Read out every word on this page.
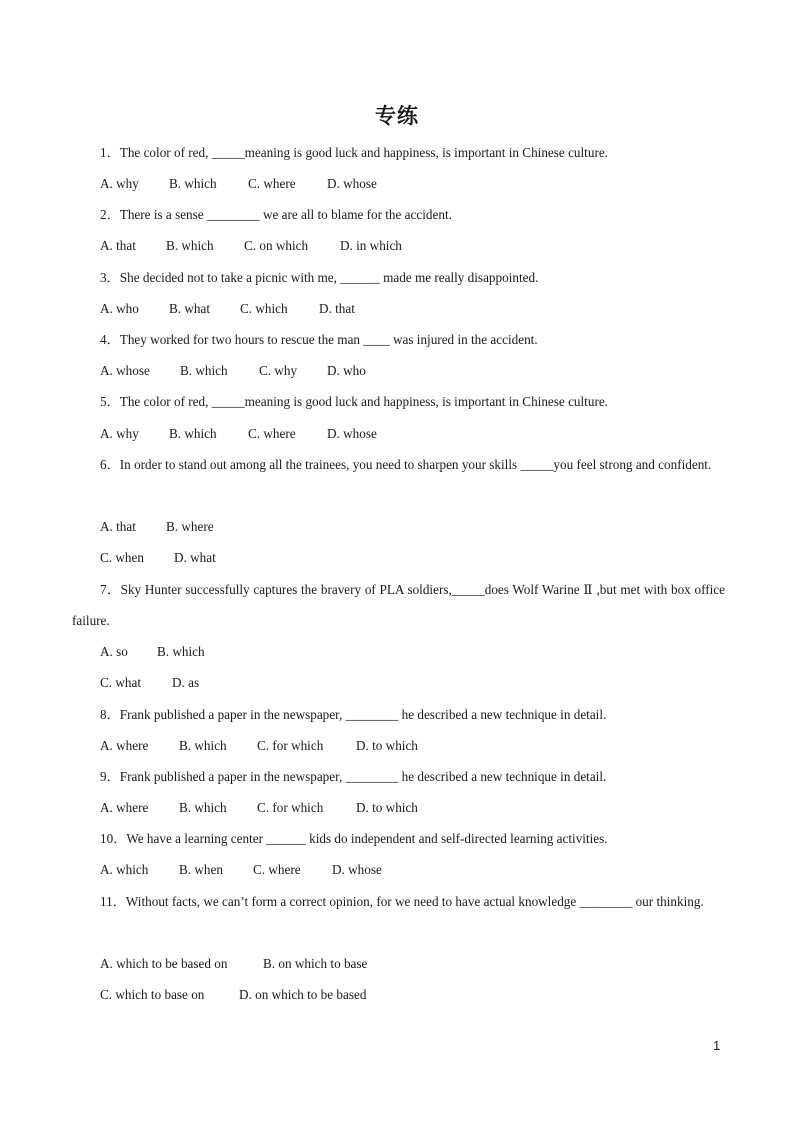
专练
1．The color of red, _____meaning is good luck and happiness, is important in Chinese culture.
A. why B. which C. where D. whose
2．There is a sense ________ we are all to blame for the accident.
A. that B. which C. on which D. in which
3．She decided not to take a picnic with me, ______ made me really disappointed.
A. who B. what C. which D. that
4．They worked for two hours to rescue the man ____ was injured in the accident.
A. whose B. which C. why D. who
5．The color of red, _____meaning is good luck and happiness, is important in Chinese culture.
A. why B. which C. where D. whose
6．In order to stand out among all the trainees, you need to sharpen your skills _____you feel strong and confident.
A. that B. where
C. when D. what
7．Sky Hunter successfully captures the bravery of PLA soldiers,_____does Wolf Warine Ⅱ ,but met with box office failure.
A. so B. which
C. what D. as
8．Frank published a paper in the newspaper, ________ he described a new technique in detail.
A. where B. which C. for which D. to which
9．Frank published a paper in the newspaper, ________ he described a new technique in detail.
A. where B. which C. for which D. to which
10．We have a learning center ______ kids do independent and self-directed learning activities.
A. which B. when C. where D. whose
11．Without facts, we can’t form a correct opinion, for we need to have actual knowledge ________ our thinking.
A. which to be based on	B. on which to base
C. which to base on	D. on which to be based
1
